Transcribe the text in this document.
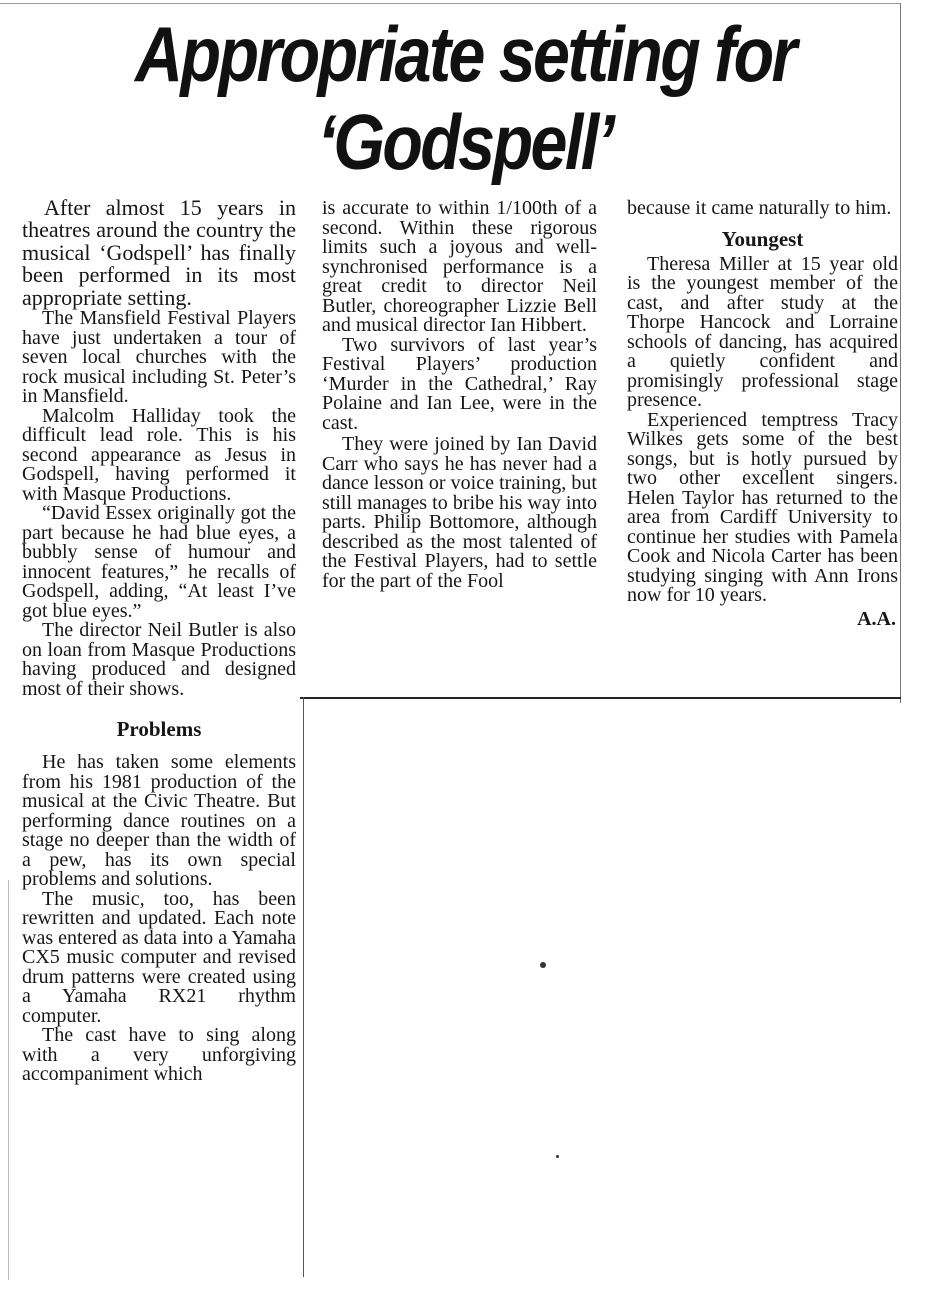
Appropriate setting for
‘Godspell’

After almost 15 years in theatres around the country the musical ‘Godspell’ has finally been performed in its most appropriate setting.

The Mansfield Festival Players have just undertaken a tour of seven local churches with the rock musical including St. Peter’s in Mansfield.

Malcolm Halliday took the difficult lead role. This is his second appearance as Jesus in Godspell, having performed it with Masque Productions.

“David Essex originally got the part because he had blue eyes, a bubbly sense of humour and innocent features,” he recalls of Godspell, adding, “At least I’ve got blue eyes.”

The director Neil Butler is also on loan from Masque Productions having produced and designed most of their shows.

Problems

He has taken some elements from his 1981 production of the musical at the Civic Theatre. But performing dance routines on a stage no deeper than the width of a pew, has its own special problems and solutions.

The music, too, has been rewritten and updated. Each note was entered as data into a Yamaha CX5 music computer and revised drum patterns were created using a Yamaha RX21 rhythm computer.

The cast have to sing along with a very unforgiving accompaniment which

is accurate to within 1/100th of a second. Within these rigorous limits such a joyous and well-synchronised performance is a great credit to director Neil Butler, choreographer Lizzie Bell and musical director Ian Hibbert.

Two survivors of last year’s Festival Players’ production ‘Murder in the Cathedral,’ Ray Polaine and Ian Lee, were in the cast.

They were joined by Ian David Carr who says he has never had a dance lesson or voice training, but still manages to bribe his way into parts. Philip Bottomore, although described as the most talented of the Festival Players, had to settle for the part of the Fool

because it came naturally to him.

Youngest

Theresa Miller at 15 year old is the youngest member of the cast, and after study at the Thorpe Hancock and Lorraine schools of dancing, has acquired a quietly confident and promisingly professional stage presence.

Experienced temptress Tracy Wilkes gets some of the best songs, but is hotly pursued by two other excellent singers. Helen Taylor has returned to the area from Cardiff University to continue her studies with Pamela Cook and Nicola Carter has been studying singing with Ann Irons now for 10 years.

A.A.
